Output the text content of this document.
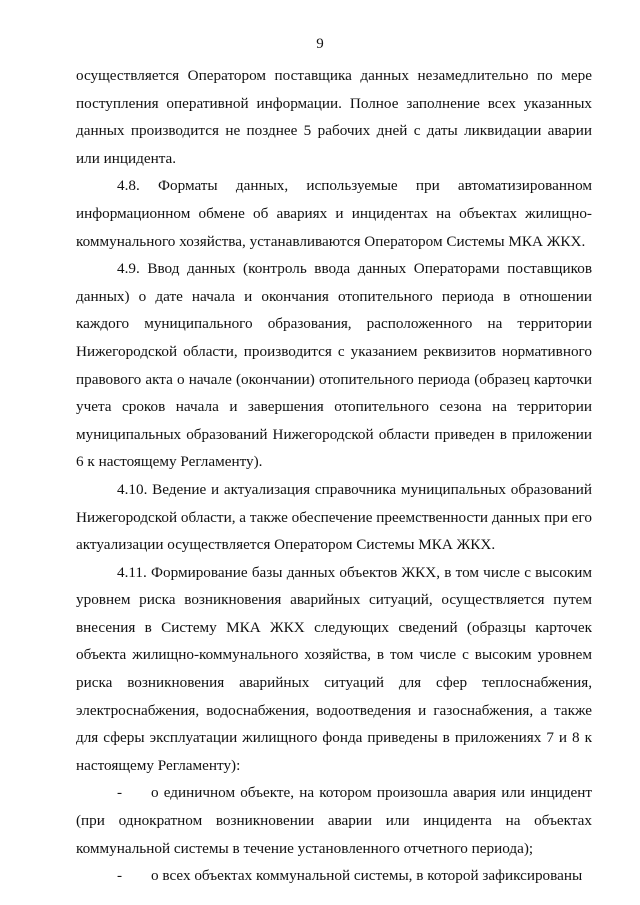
9

осуществляется Оператором поставщика данных незамедлительно по мере поступления оперативной информации. Полное заполнение всех указанных данных производится не позднее 5 рабочих дней с даты ликвидации аварии или инцидента.

4.8. Форматы данных, используемые при автоматизированном информационном обмене об авариях и инцидентах на объектах жилищно-коммунального хозяйства, устанавливаются Оператором Системы МКА ЖКХ.

4.9. Ввод данных (контроль ввода данных Операторами поставщиков данных) о дате начала и окончания отопительного периода в отношении каждого муниципального образования, расположенного на территории Нижегородской области, производится с указанием реквизитов нормативного правового акта о начале (окончании) отопительного периода (образец карточки учета сроков начала и завершения отопительного сезона на территории муниципальных образований Нижегородской области приведен в приложении 6 к настоящему Регламенту).

4.10. Ведение и актуализация справочника муниципальных образований Нижегородской области, а также обеспечение преемственности данных при его актуализации осуществляется Оператором Системы МКА ЖКХ.

4.11. Формирование базы данных объектов ЖКХ, в том числе с высоким уровнем риска возникновения аварийных ситуаций, осуществляется путем внесения в Систему МКА ЖКХ следующих сведений (образцы карточек объекта жилищно-коммунального хозяйства, в том числе с высоким уровнем риска возникновения аварийных ситуаций для сфер теплоснабжения, электроснабжения, водоснабжения, водоотведения и газоснабжения, а также для сферы эксплуатации жилищного фонда приведены в приложениях 7 и 8 к настоящему Регламенту):

- о единичном объекте, на котором произошла авария или инцидент (при однократном возникновении аварии или инцидента на объектах коммунальной системы в течение установленного отчетного периода);

- о всех объектах коммунальной системы, в которой зафиксированы
